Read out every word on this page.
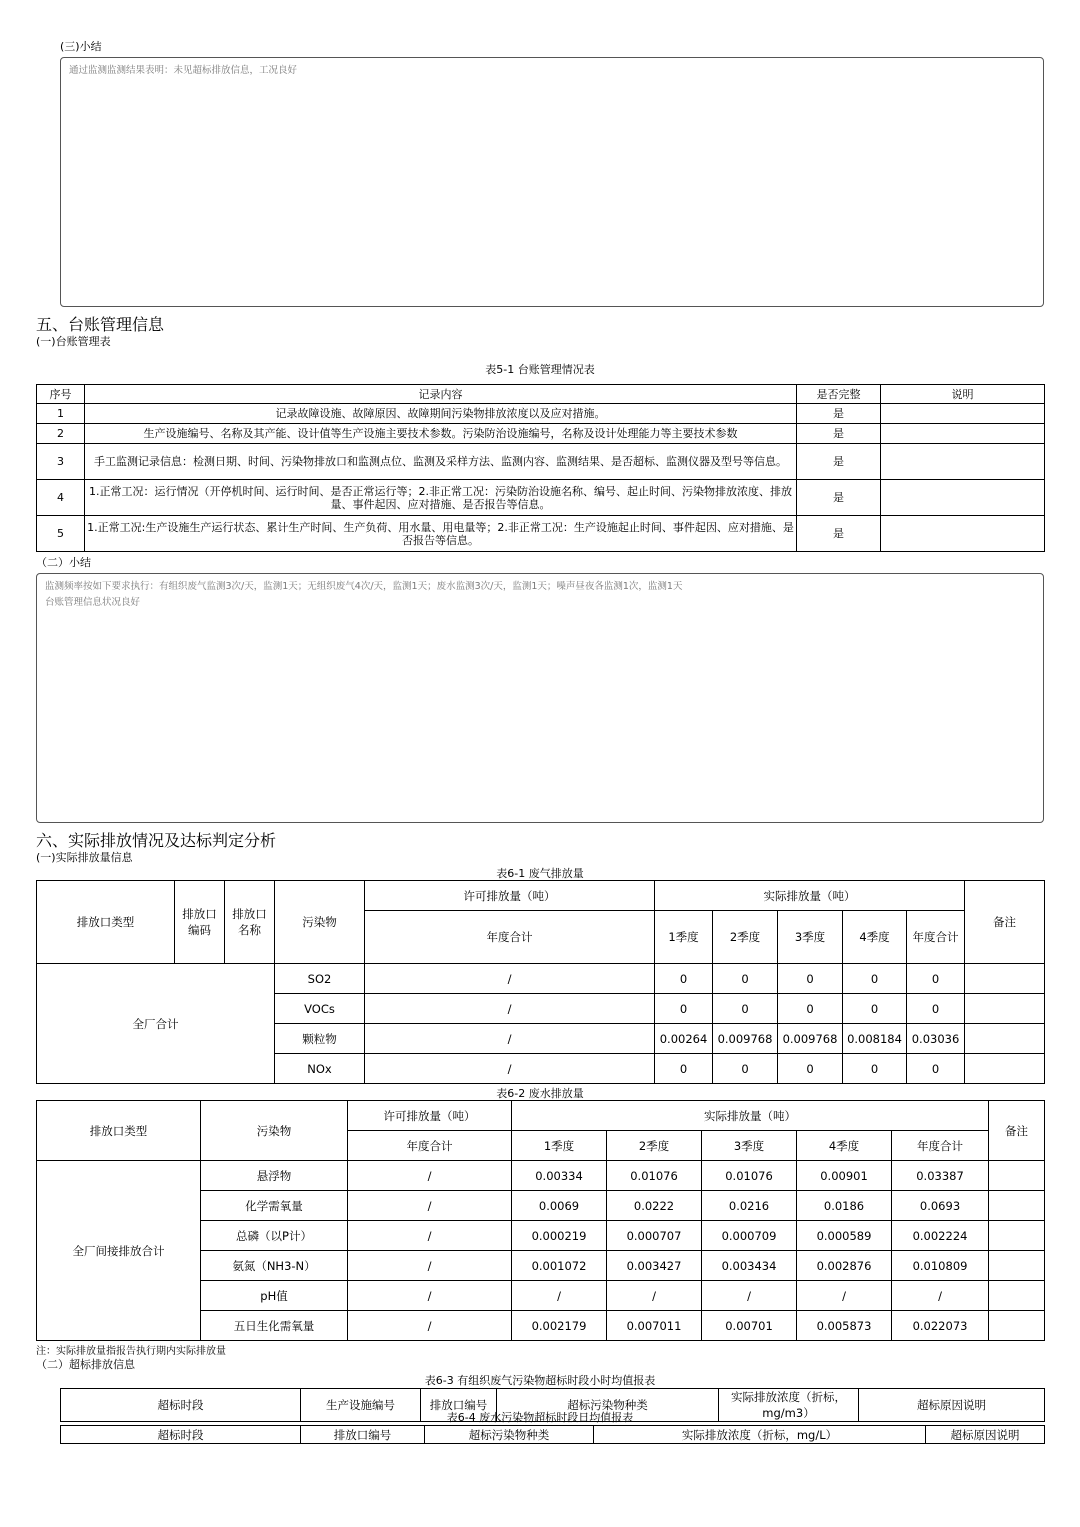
(三)小结
通过监测监测结果表明：未见超标排放信息，工况良好
五、台账管理信息
(一)台账管理表
表5-1 台账管理情况表
序号	记录内容	是否完整	说明
1	记录故障设施、故障原因、故障期间污染物排放浓度以及应对措施。	是	
2	生产设施编号、名称及其产能、设计值等生产设施主要技术参数。污染防治设施编号，名称及设计处理能力等主要技术参数	是	
3	手工监测记录信息：检测日期、时间、污染物排放口和监测点位、监测及采样方法、监测内容、监测结果、是否超标、监测仪器及型号等信息。	是	
4	1.正常工况：运行情况（开停机时间、运行时间、是否正常运行等；2.非正常工况：污染防治设施名称、编号、起止时间、污染物排放浓度、排放量、事件起因、应对措施、是否报告等信息。	是	
5	1.正常工况:生产设施生产运行状态、累计生产时间、生产负荷、用水量、用电量等；2.非正常工况：生产设施起止时间、事件起因、应对措施、是否报告等信息。	是	
（二）小结
监测频率按如下要求执行：有组织废气监测3次/天，监测1天；无组织废气4次/天，监测1天；废水监测3次/天，监测1天；噪声昼夜各监测1次，监测1天
台账管理信息状况良好
六、实际排放情况及达标判定分析
(一)实际排放量信息
表6-1 废气排放量
排放口类型	排放口编码	排放口名称	污染物	许可排放量（吨）	实际排放量（吨）					备注
				年度合计	1季度	2季度	3季度	4季度	年度合计	
全厂合计			SO2	/	0	0	0	0	0	
			VOCs	/	0	0	0	0	0	
			颗粒物	/	0.00264	0.009768	0.009768	0.008184	0.03036	
			NOx	/	0	0	0	0	0	
表6-2 废水排放量
排放口类型	污染物	许可排放量（吨）	实际排放量（吨）					备注
		年度合计	1季度	2季度	3季度	4季度	年度合计	
全厂间接排放合计	悬浮物	/	0.00334	0.01076	0.01076	0.00901	0.03387	
	化学需氧量	/	0.0069	0.0222	0.0216	0.0186	0.0693	
	总磷（以P计）	/	0.000219	0.000707	0.000709	0.000589	0.002224	
	氨氮（NH3-N）	/	0.001072	0.003427	0.003434	0.002876	0.010809	
	pH值	/	/	/	/	/	/	
	五日生化需氧量	/	0.002179	0.007011	0.00701	0.005873	0.022073	
注：实际排放量指报告执行期内实际排放量
（二）超标排放信息
表6-3 有组织废气污染物超标时段小时均值报表
超标时段	生产设施编号	排放口编号	超标污染物种类	实际排放浓度（折标，mg/m3）	超标原因说明
表6-4 废水污染物超标时段日均值报表
超标时段	排放口编号	超标污染物种类	实际排放浓度（折标，mg/L）	超标原因说明
